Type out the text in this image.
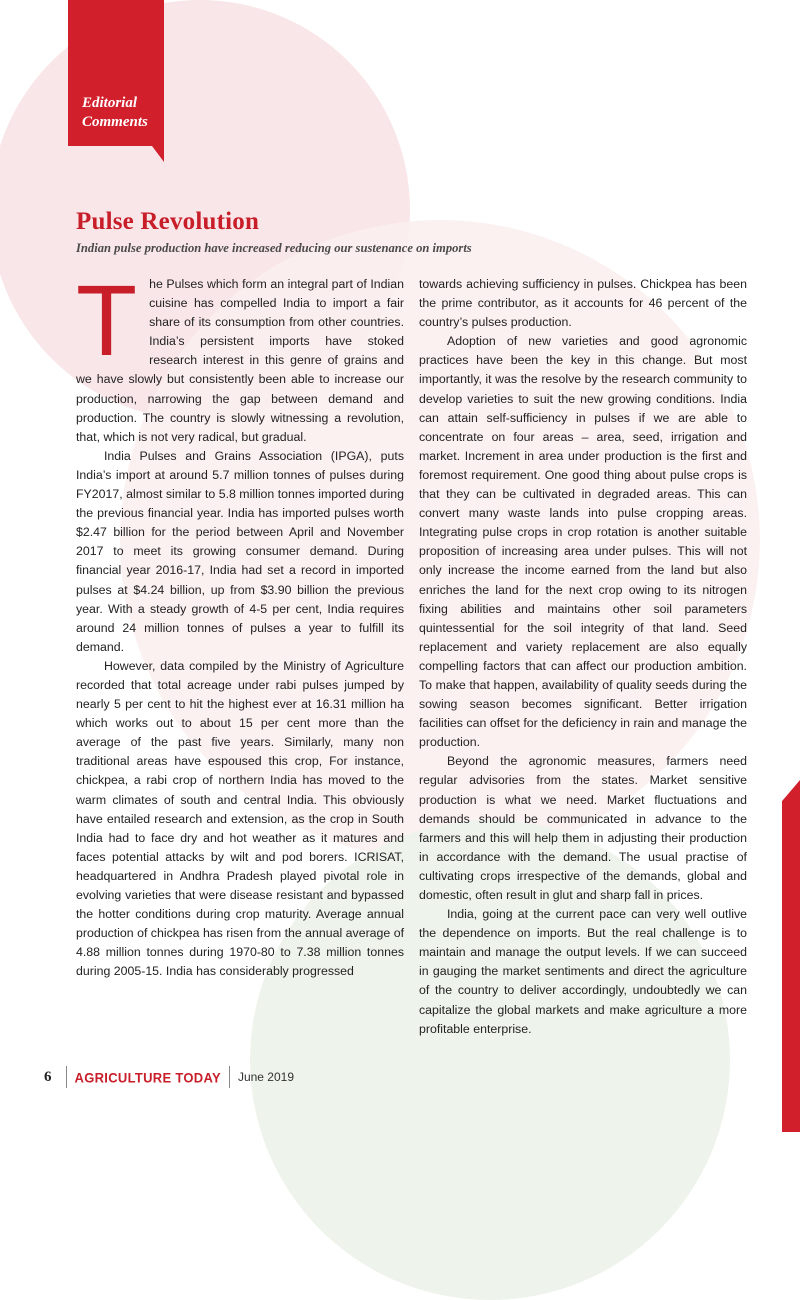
Editorial
Comments
Pulse Revolution
Indian pulse production have increased reducing our sustenance on imports

The Pulses which form an integral part of Indian cuisine has compelled India to import a fair share of its consumption from other countries. India’s persistent imports have stoked research interest in this genre of grains and we have slowly but consistently been able to increase our production, narrowing the gap between demand and production. The country is slowly witnessing a revolution, that, which is not very radical, but gradual.

India Pulses and Grains Association (IPGA), puts India’s import at around 5.7 million tonnes of pulses during FY2017, almost similar to 5.8 million tonnes imported during the previous financial year. India has imported pulses worth $2.47 billion for the period between April and November 2017 to meet its growing consumer demand. During financial year 2016-17, India had set a record in imported pulses at $4.24 billion, up from $3.90 billion the previous year. With a steady growth of 4-5 per cent, India requires around 24 million tonnes of pulses a year to fulfill its demand.

However, data compiled by the Ministry of Agriculture recorded that total acreage under rabi pulses jumped by nearly 5 per cent to hit the highest ever at 16.31 million ha which works out to about 15 per cent more than the average of the past five years. Similarly, many non traditional areas have espoused this crop, For instance, chickpea, a rabi crop of northern India has moved to the warm climates of south and central India. This obviously have entailed research and extension, as the crop in South India had to face dry and hot weather as it matures and faces potential attacks by wilt and pod borers. ICRISAT, headquartered in Andhra Pradesh played pivotal role in evolving varieties that were disease resistant and bypassed the hotter conditions during crop maturity. Average annual production of chickpea has risen from the annual average of 4.88 million tonnes during 1970-80 to 7.38 million tonnes during 2005-15. India has considerably progressed

towards achieving sufficiency in pulses. Chickpea has been the prime contributor, as it accounts for 46 percent of the country’s pulses production.

Adoption of new varieties and good agronomic practices have been the key in this change. But most importantly, it was the resolve by the research community to develop varieties to suit the new growing conditions. India can attain self-sufficiency in pulses if we are able to concentrate on four areas – area, seed, irrigation and market. Increment in area under production is the first and foremost requirement. One good thing about pulse crops is that they can be cultivated in degraded areas. This can convert many waste lands into pulse cropping areas. Integrating pulse crops in crop rotation is another suitable proposition of increasing area under pulses. This will not only increase the income earned from the land but also enriches the land for the next crop owing to its nitrogen fixing abilities and maintains other soil parameters quintessential for the soil integrity of that land. Seed replacement and variety replacement are also equally compelling factors that can affect our production ambition. To make that happen, availability of quality seeds during the sowing season becomes significant. Better irrigation facilities can offset for the deficiency in rain and manage the production.

Beyond the agronomic measures, farmers need regular advisories from the states. Market sensitive production is what we need. Market fluctuations and demands should be communicated in advance to the farmers and this will help them in adjusting their production in accordance with the demand. The usual practise of cultivating crops irrespective of the demands, global and domestic, often result in glut and sharp fall in prices.

India, going at the current pace can very well outlive the dependence on imports. But the real challenge is to maintain and manage the output levels. If we can succeed in gauging the market sentiments and direct the agriculture of the country to deliver accordingly, undoubtedly we can capitalize the global markets and make agriculture a more profitable enterprise.

6 AGRICULTURE TODAY June 2019
